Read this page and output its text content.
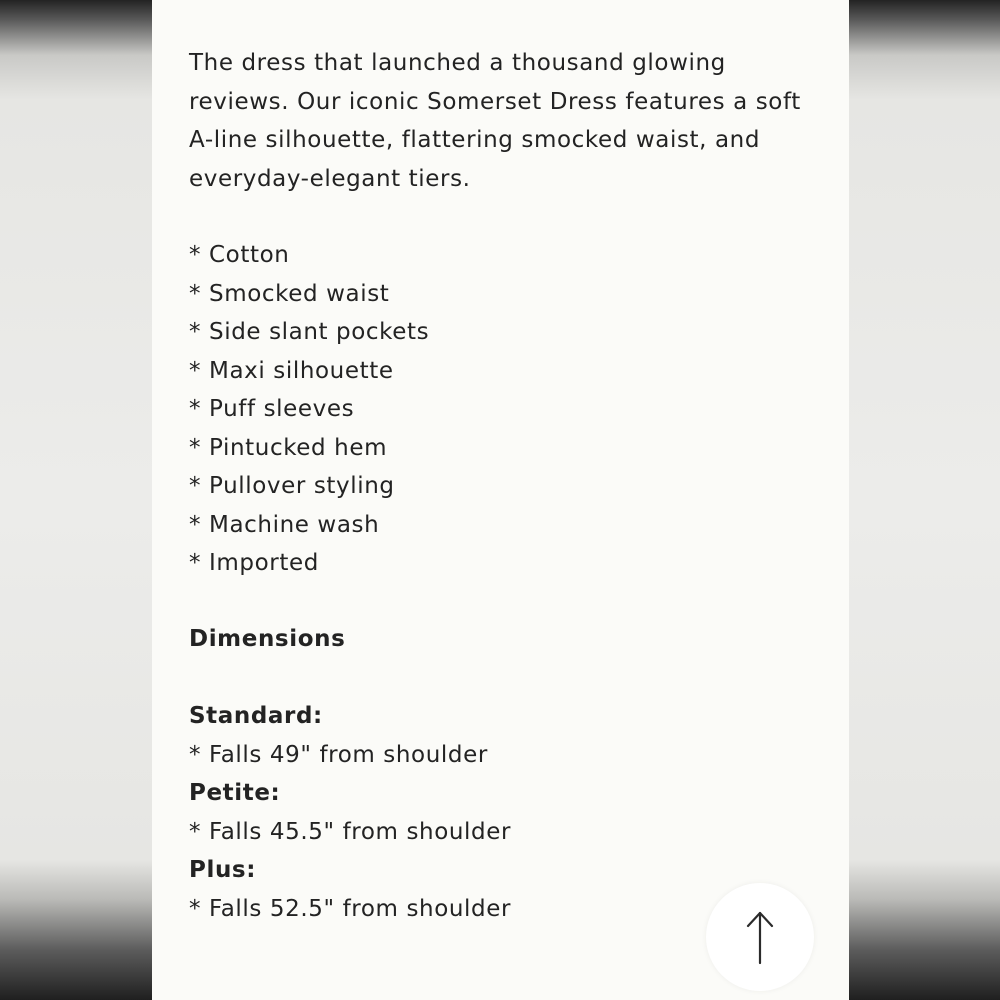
The dress that launched a thousand glowing reviews. Our iconic Somerset Dress features a soft A-line silhouette, flattering smocked waist, and everyday-elegant tiers.

* Cotton
* Smocked waist
* Side slant pockets
* Maxi silhouette
* Puff sleeves
* Pintucked hem
* Pullover styling
* Machine wash
* Imported
Dimensions
Standard:
* Falls 49" from shoulder
Petite:
* Falls 45.5" from shoulder
Plus:
* Falls 52.5" from shoulder
